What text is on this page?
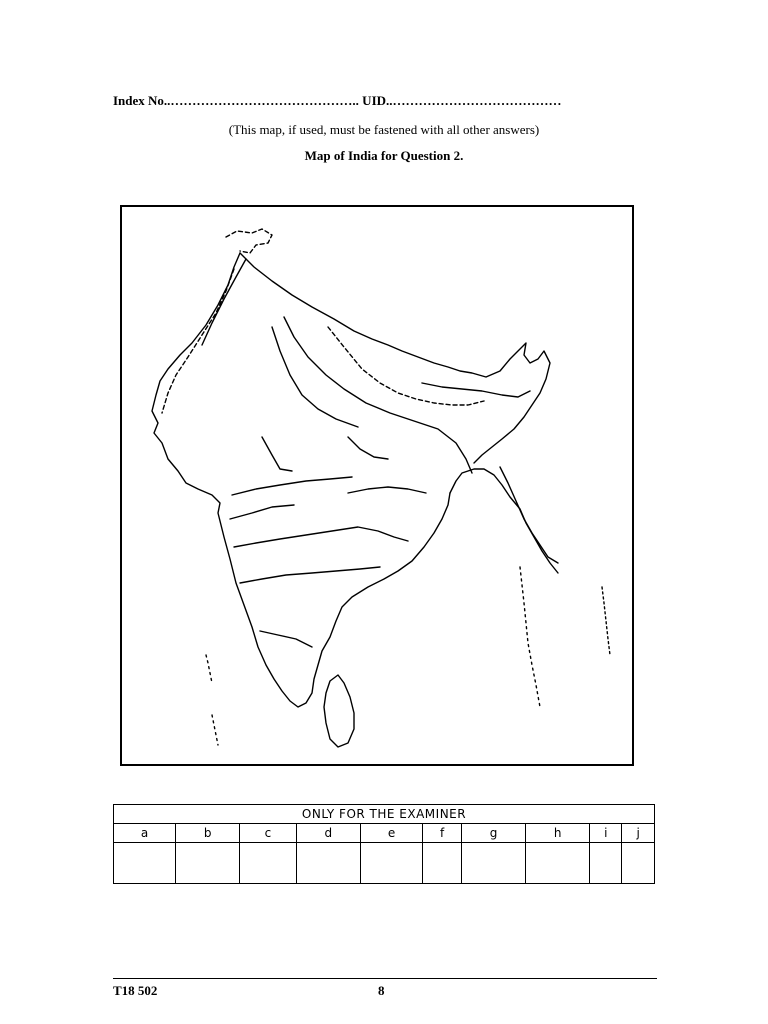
Index No..…………………………………….. UID..…………………………………
(This map, if used, must be fastened with all other answers)
Map of India for Question 2.
ONLY FOR THE EXAMINER									
a	b	c	d	e	f	g	h	i	j

T18 502	8
